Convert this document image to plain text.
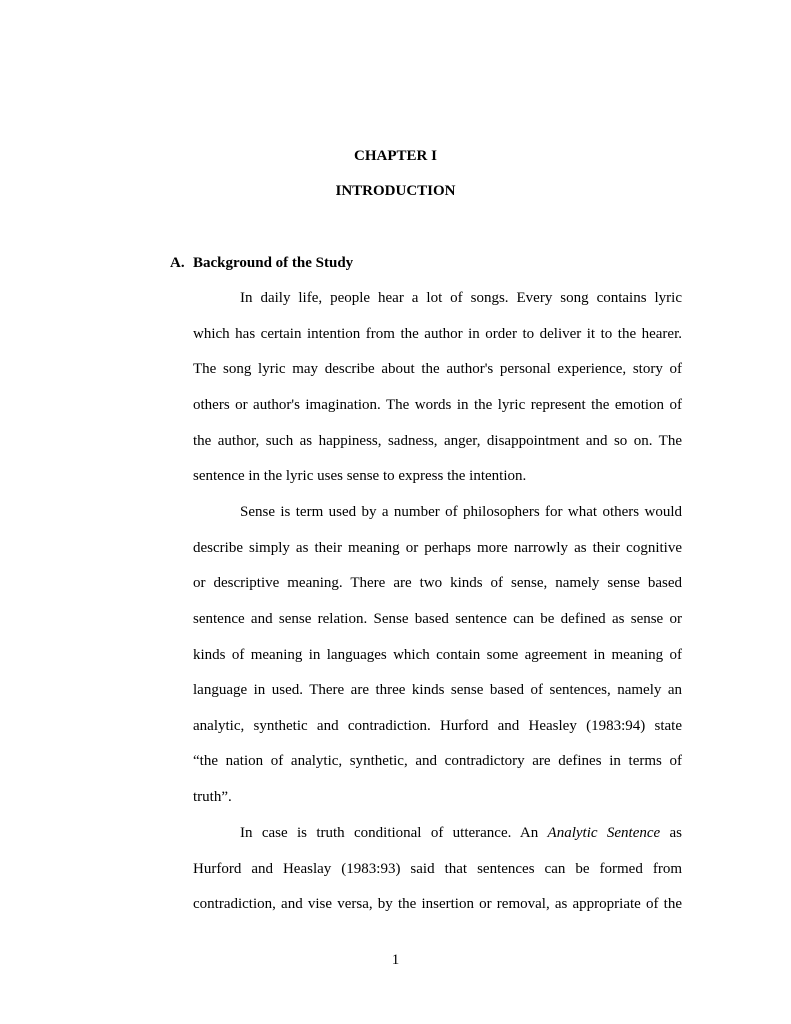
CHAPTER I

INTRODUCTION

A. Background of the Study

In daily life, people hear a lot of songs. Every song contains lyric

which has certain intention from the author in order to deliver it to the hearer.

The song lyric may describe about the author's personal experience, story of

others or author's imagination. The words in the lyric represent the emotion of

the author, such as happiness, sadness, anger, disappointment and so on. The

sentence in the lyric uses sense to express the intention.

Sense is term used by a number of philosophers for what others would

describe simply as their meaning or perhaps more narrowly as their cognitive

or descriptive meaning. There are two kinds of sense, namely sense based

sentence and sense relation. Sense based sentence can be defined as sense or

kinds of meaning in languages which contain some agreement in meaning of

language in used. There are three kinds sense based of sentences, namely an

analytic, synthetic and contradiction. Hurford and Heasley (1983:94) state

“the nation of analytic, synthetic, and contradictory are defines in terms of

truth”.

In case is truth conditional of utterance. An Analytic Sentence as

Hurford and Heaslay (1983:93) said that sentences can be formed from

contradiction, and vise versa, by the insertion or removal, as appropriate of the

1
